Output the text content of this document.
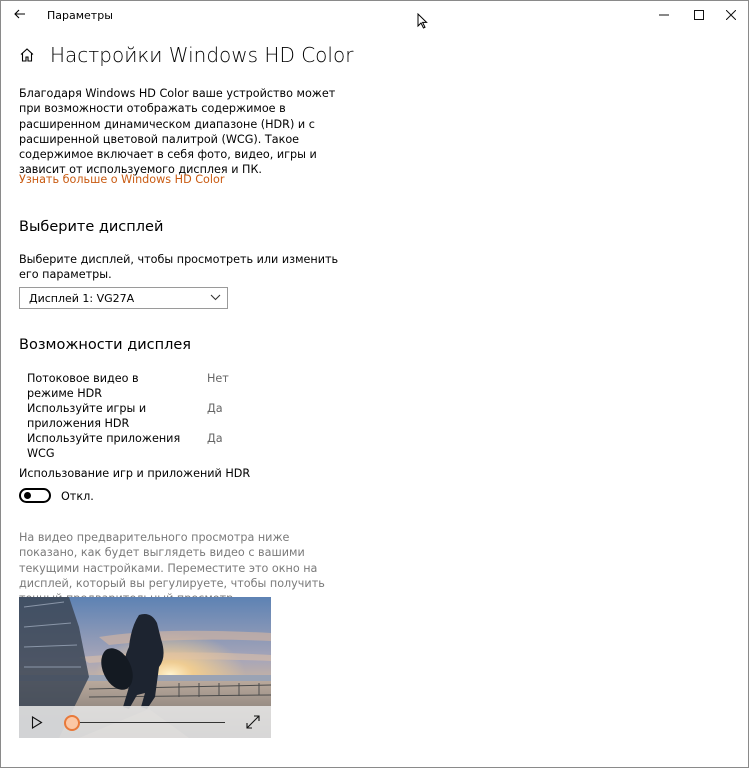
Параметры
Настройки Windows HD Color
Благодаря Windows HD Color ваше устройство может при возможности отображать содержимое в расширенном динамическом диапазоне (HDR) и с расширенной цветовой палитрой (WCG). Такое содержимое включает в себя фото, видео, игры и зависит от используемого дисплея и ПК.
Узнать больше о Windows HD Color
Выберите дисплей
Выберите дисплей, чтобы просмотреть или изменить его параметры.
Дисплей 1: VG27A
Возможности дисплея
Потоковое видео в режиме HDR
Нет
Используйте игры и приложения HDR
Да
Используйте приложения WCG
Да
Использование игр и приложений HDR
Откл.
На видео предварительного просмотра ниже показано, как будет выглядеть видео с вашими текущими настройками. Переместите это окно на дисплей, который вы регулируете, чтобы получить
